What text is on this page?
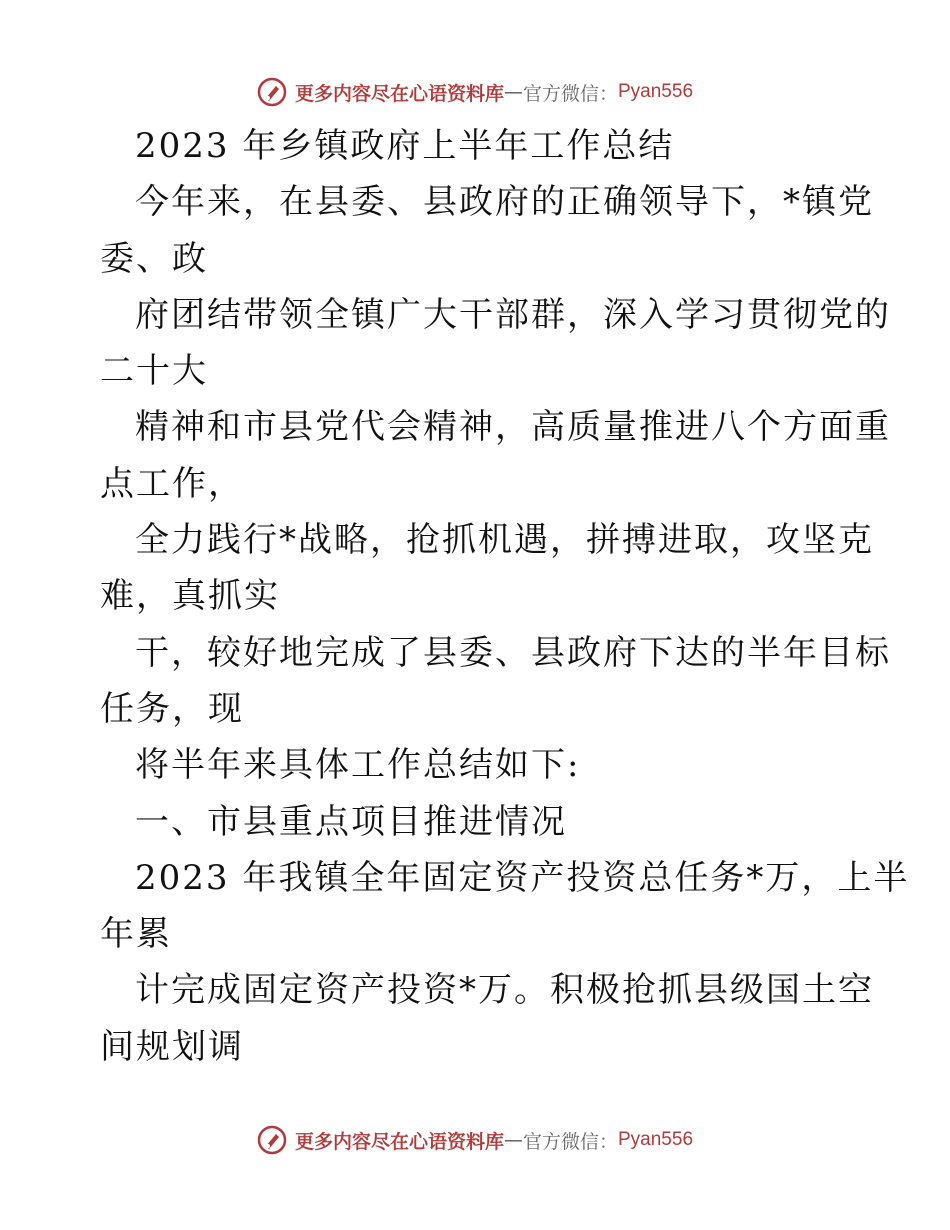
更多内容尽在心语资料库 — 官方微信： Pyan556
2023 年乡镇政府上半年工作总结
今年来，在县委、县政府的正确领导下，*镇党
委、政
府团结带领全镇广大干部群，深入学习贯彻党的
二十大
精神和市县党代会精神，高质量推进八个方面重
点工作，
全力践行*战略，抢抓机遇，拼搏进取，攻坚克
难，真抓实
干，较好地完成了县委、县政府下达的半年目标
任务，现
将半年来具体工作总结如下:
一、市县重点项目推进情况
2023 年我镇全年固定资产投资总任务*万，上半
年累
计完成固定资产投资*万。积极抢抓县级国土空
间规划调
更多内容尽在心语资料库 — 官方微信： Pyan556
